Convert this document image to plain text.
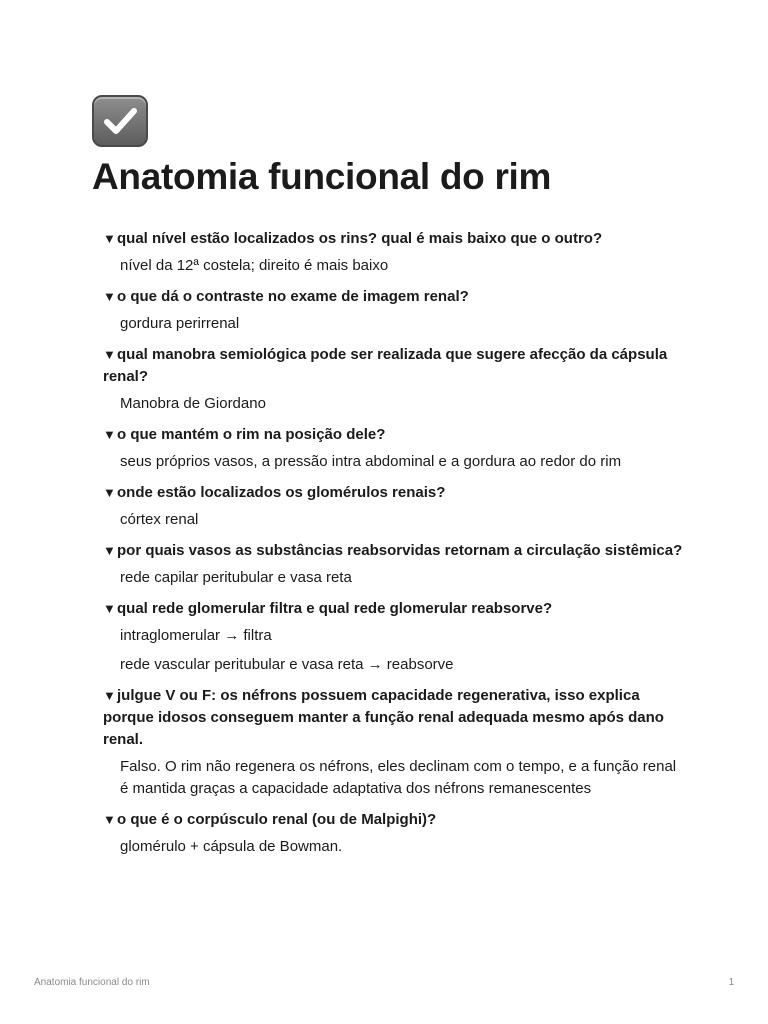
Anatomia funcional do rim
▼qual nível estão localizados os rins? qual é mais baixo que o outro?
nível da 12ª costela; direito é mais baixo
▼o que dá o contraste no exame de imagem renal?
gordura perirrenal
▼qual manobra semiológica pode ser realizada que sugere afecção da cápsula renal?
Manobra de Giordano
▼o que mantém o rim na posição dele?
seus próprios vasos, a pressão intra abdominal e a gordura ao redor do rim
▼onde estão localizados os glomérulos renais?
córtex renal
▼por quais vasos as substâncias reabsorvidas retornam a circulação sistêmica?
rede capilar peritubular e vasa reta
▼qual rede glomerular filtra e qual rede glomerular reabsorve?
intraglomerular → filtra
rede vascular peritubular e vasa reta → reabsorve
▼julgue V ou F: os néfrons possuem capacidade regenerativa, isso explica porque idosos conseguem manter a função renal adequada mesmo após dano renal.
Falso. O rim não regenera os néfrons, eles declinam com o tempo, e a função renal é mantida graças a capacidade adaptativa dos néfrons remanescentes
▼o que é o corpúsculo renal (ou de Malpighi)?
glomérulo + cápsula de Bowman.
Anatomia funcional do rim	1
